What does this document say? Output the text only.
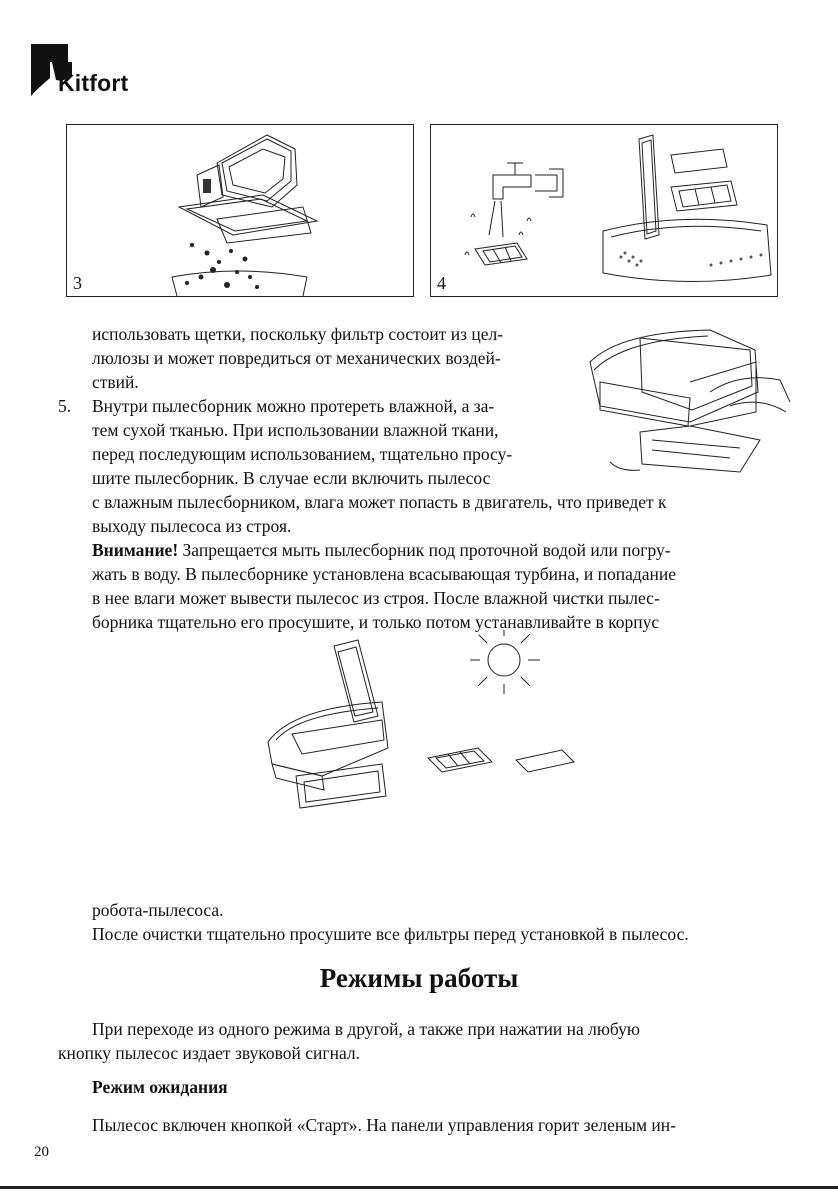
Kitfort
3	4
использовать щетки, поскольку фильтр состоит из цел-
люлозы и может повредиться от механических воздей-
ствий.
5. Внутри пылесборник можно протереть влажной, а за-
тем сухой тканью. При использовании влажной ткани,
перед последующим использованием, тщательно просу-
шите пылесборник. В случае если включить пылесос
с влажным пылесборником, влага может попасть в двигатель, что приведет к
выходу пылесоса из строя.
Внимание! Запрещается мыть пылесборник под проточной водой или погру-
жать в воду. В пылесборнике установлена всасывающая турбина, и попадание
в нее влаги может вывести пылесос из строя. После влажной чистки пылес-
борника тщательно его просушите, и только потом устанавливайте в корпус
робота-пылесоса.
После очистки тщательно просушите все фильтры перед установкой в пылесос.
Режимы работы
При переходе из одного режима в другой, а также при нажатии на любую
кнопку пылесос издает звуковой сигнал.
Режим ожидания
Пылесос включен кнопкой «Старт». На панели управления горит зеленым ин-
20
